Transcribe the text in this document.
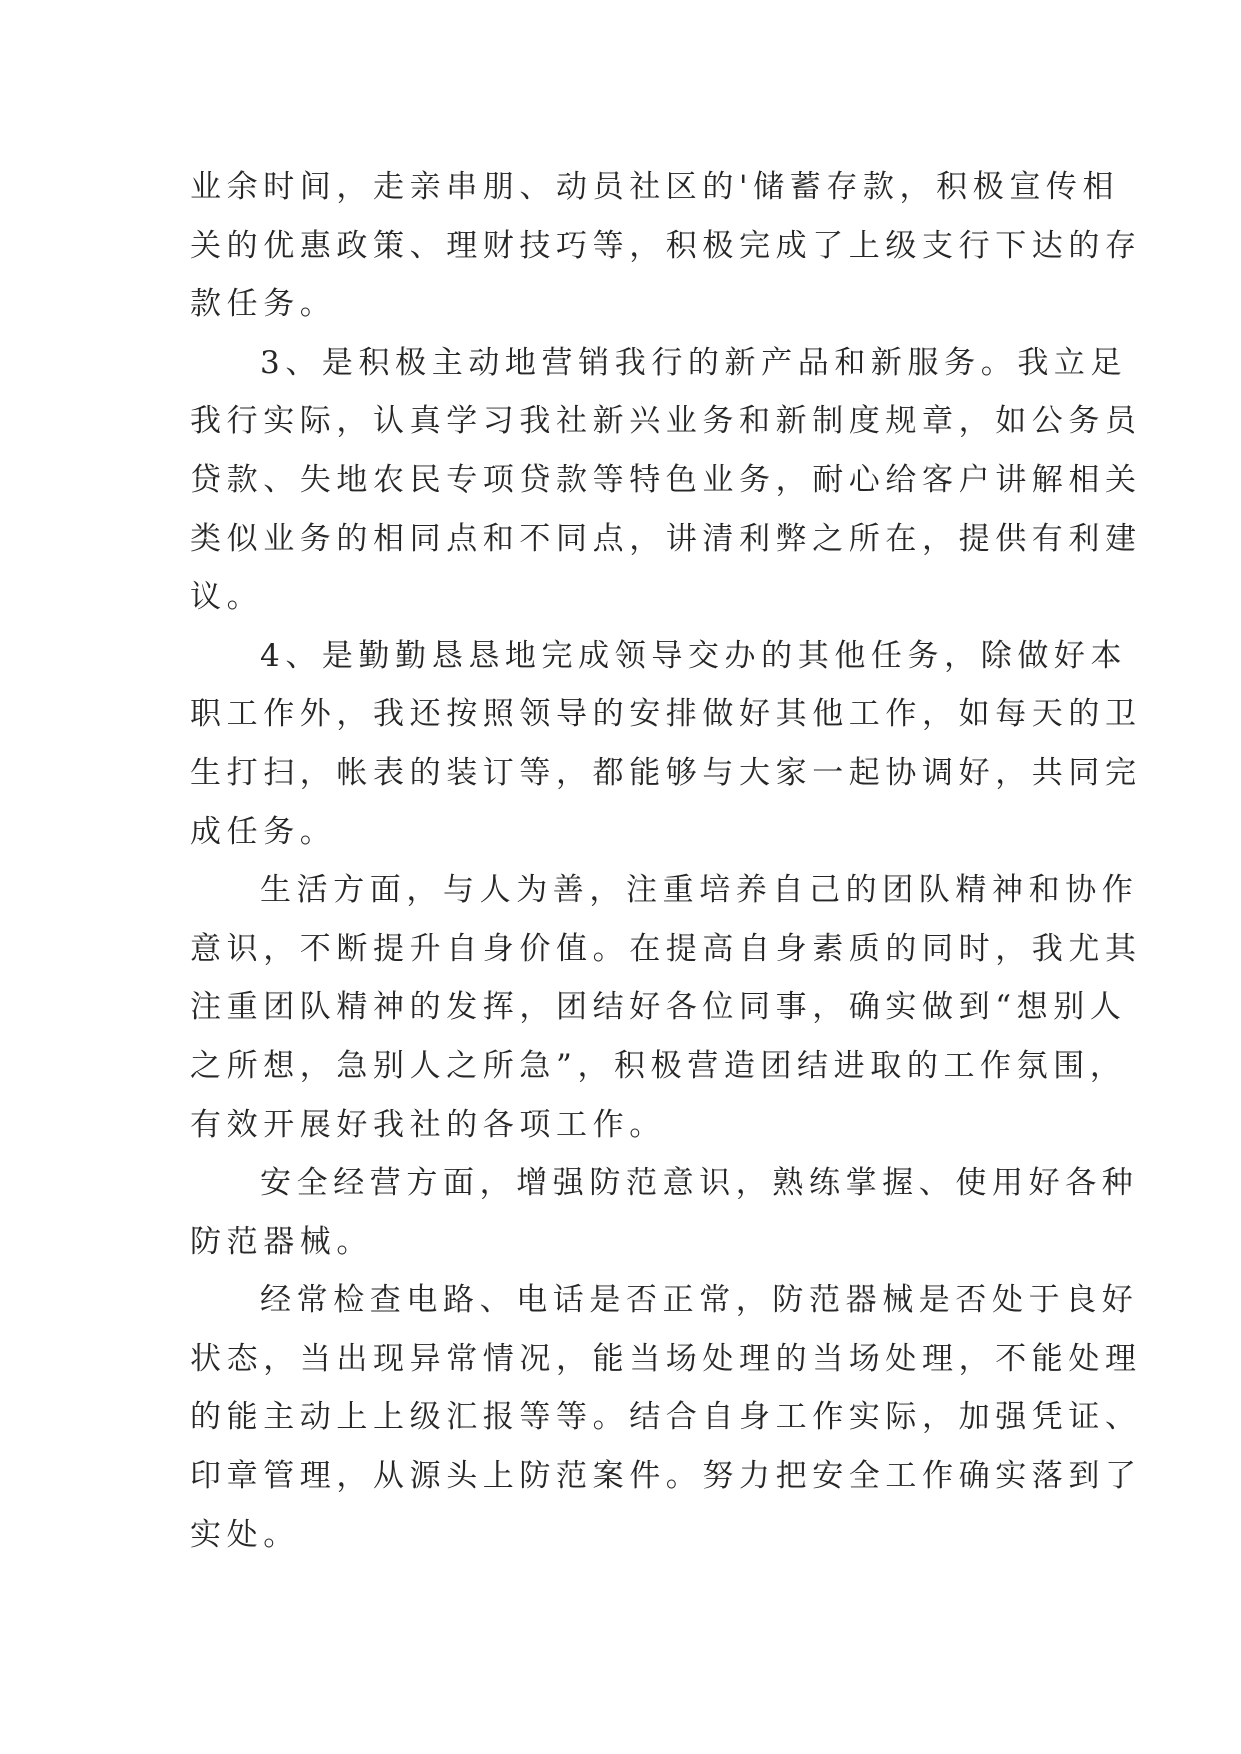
业余时间，走亲串朋、动员社区的'储蓄存款，积极宣传相
关的优惠政策、理财技巧等，积极完成了上级支行下达的存
款任务。
3、是积极主动地营销我行的新产品和新服务。我立足
我行实际，认真学习我社新兴业务和新制度规章，如公务员
贷款、失地农民专项贷款等特色业务，耐心给客户讲解相关
类似业务的相同点和不同点，讲清利弊之所在，提供有利建
议。
4、是勤勤恳恳地完成领导交办的其他任务，除做好本
职工作外，我还按照领导的安排做好其他工作，如每天的卫
生打扫，帐表的装订等，都能够与大家一起协调好，共同完
成任务。
生活方面，与人为善，注重培养自己的团队精神和协作
意识，不断提升自身价值。在提高自身素质的同时，我尤其
注重团队精神的发挥，团结好各位同事，确实做到“想别人
之所想，急别人之所急”，积极营造团结进取的工作氛围，
有效开展好我社的各项工作。
安全经营方面，增强防范意识，熟练掌握、使用好各种
防范器械。
经常检查电路、电话是否正常，防范器械是否处于良好
状态，当出现异常情况，能当场处理的当场处理，不能处理
的能主动上上级汇报等等。结合自身工作实际，加强凭证、
印章管理，从源头上防范案件。努力把安全工作确实落到了
实处。
